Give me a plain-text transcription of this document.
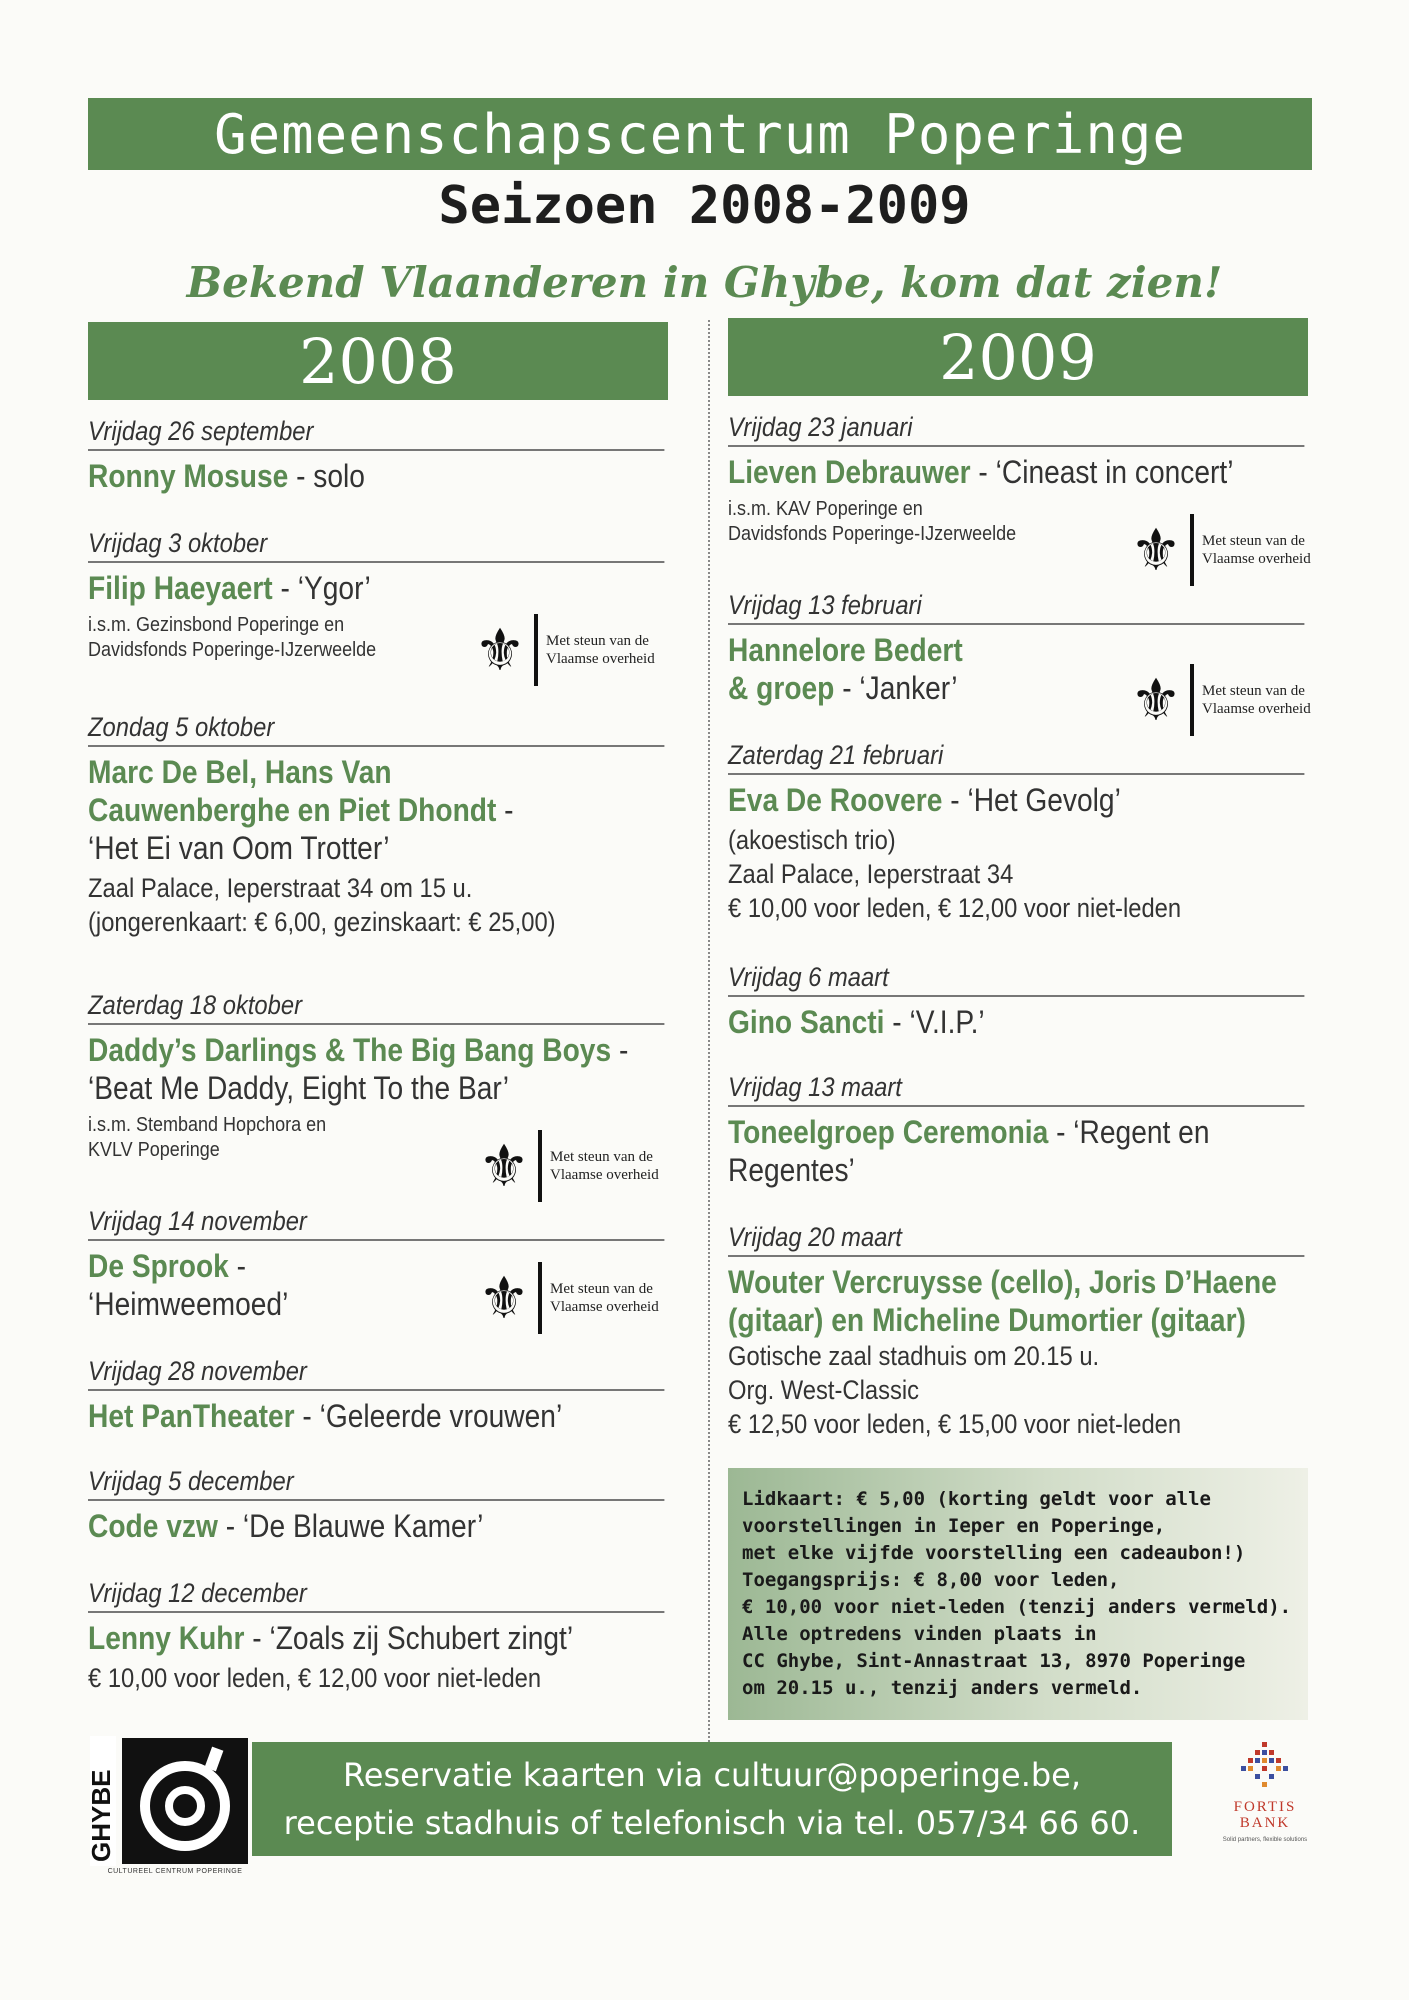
Gemeenschapscentrum Poperinge
Seizoen 2008-2009
Bekend Vlaanderen in Ghybe, kom dat zien!
2008	2009
Vrijdag 26 september
Ronny Mosuse - solo
Vrijdag 3 oktober
Filip Haeyaert - ‘Ygor’
i.s.m. Gezinsbond Poperinge en
Davidsfonds Poperinge-IJzerweelde	⚜ Met steun van de
Vlaamse overheid
Zondag 5 oktober
Marc De Bel, Hans Van
Cauwenberghe en Piet Dhondt -
‘Het Ei van Oom Trotter’
Zaal Palace, Ieperstraat 34 om 15 u.
(jongerenkaart: € 6,00, gezinskaart: € 25,00)
Zaterdag 18 oktober
Daddy’s Darlings & The Big Bang Boys -
‘Beat Me Daddy, Eight To the Bar’
i.s.m. Stemband Hopchora en
KVLV Poperinge	⚜ Met steun van de
Vlaamse overheid
Vrijdag 14 november
De Sprook -
‘Heimweemoed’	⚜ Met steun van de
Vlaamse overheid
Vrijdag 28 november
Het PanTheater - ‘Geleerde vrouwen’
Vrijdag 5 december
Code vzw - ‘De Blauwe Kamer’
Vrijdag 12 december
Lenny Kuhr - ‘Zoals zij Schubert zingt’
€ 10,00 voor leden, € 12,00 voor niet-leden
Vrijdag 23 januari
Lieven Debrauwer - ‘Cineast in concert’
i.s.m. KAV Poperinge en
Davidsfonds Poperinge-IJzerweelde	⚜ Met steun van de
Vlaamse overheid
Vrijdag 13 februari
Hannelore Bedert
& groep - ‘Janker’	⚜ Met steun van de
Vlaamse overheid
Zaterdag 21 februari
Eva De Roovere - ‘Het Gevolg’
(akoestisch trio)
Zaal Palace, Ieperstraat 34
€ 10,00 voor leden, € 12,00 voor niet-leden
Vrijdag 6 maart
Gino Sancti - ‘V.I.P.’
Vrijdag 13 maart
Toneelgroep Ceremonia - ‘Regent en
Regentes’
Vrijdag 20 maart
Wouter Vercruysse (cello), Joris D’Haene
(gitaar) en Micheline Dumortier (gitaar)
Gotische zaal stadhuis om 20.15 u.
Org. West-Classic
€ 12,50 voor leden, € 15,00 voor niet-leden
Lidkaart: € 5,00 (korting geldt voor alle
voorstellingen in Ieper en Poperinge,
met elke vijfde voorstelling een cadeaubon!)
Toegangsprijs: € 8,00 voor leden,
€ 10,00 voor niet-leden (tenzij anders vermeld).
Alle optredens vinden plaats in
CC Ghybe, Sint-Annastraat 13, 8970 Poperinge
om 20.15 u., tenzij anders vermeld.
GHYBE
CULTUREEL CENTRUM POPERINGE
Reservatie kaarten via cultuur@poperinge.be,
receptie stadhuis of telefonisch via tel. 057/34 66 60.	FORTIS
BANK
Solid partners, flexible solutions
